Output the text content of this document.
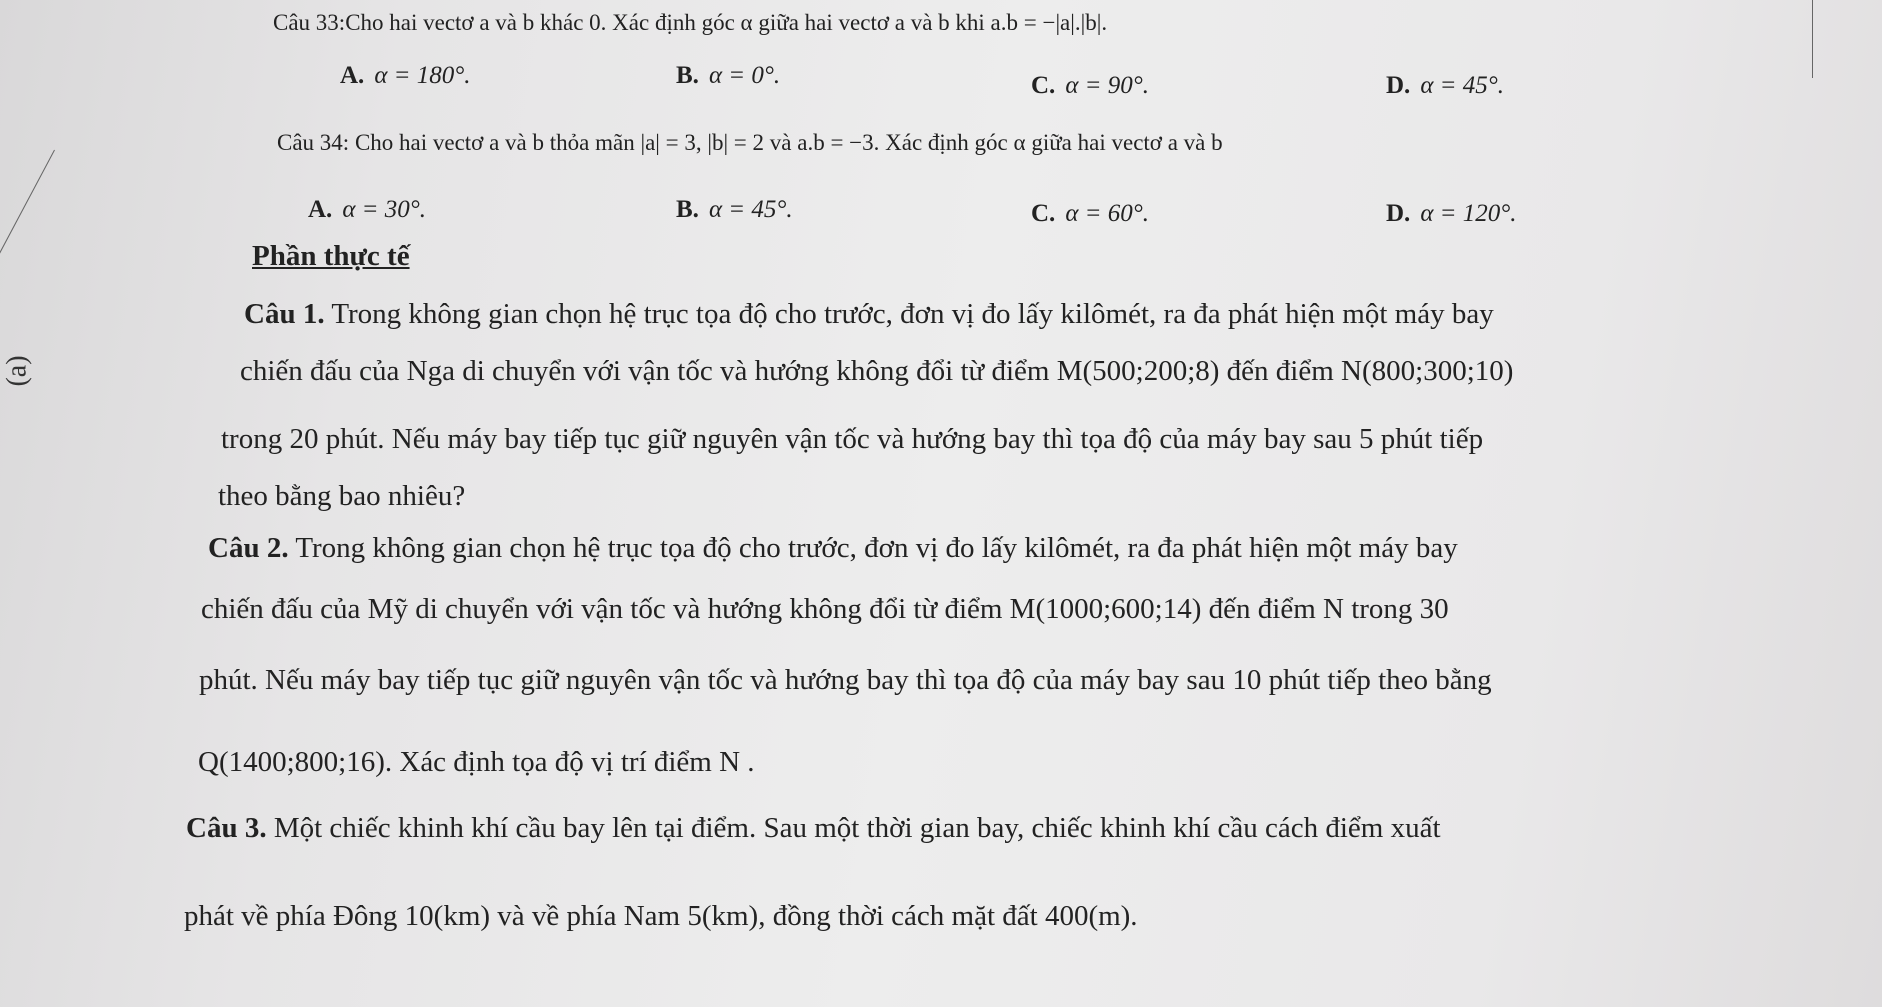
(a)
Câu 33:Cho hai vectơ a và b khác 0. Xác định góc α giữa hai vectơ a và b khi a.b = −|a|.|b|.
A. α = 180°.	B. α = 0°.	C. α = 90°.	D. α = 45°.
Câu 34: Cho hai vectơ a và b thỏa mãn |a| = 3, |b| = 2 và a.b = −3. Xác định góc α giữa hai vectơ a và b
A. α = 30°.	B. α = 45°.	C. α = 60°.	D. α = 120°.
Phần thực tế
Câu 1. Trong không gian chọn hệ trục tọa độ cho trước, đơn vị đo lấy kilômét, ra đa phát hiện một máy bay
chiến đấu của Nga di chuyển với vận tốc và hướng không đổi từ điểm M(500;200;8) đến điểm N(800;300;10)
trong 20 phút. Nếu máy bay tiếp tục giữ nguyên vận tốc và hướng bay thì tọa độ của máy bay sau 5 phút tiếp
theo bằng bao nhiêu?
Câu 2. Trong không gian chọn hệ trục tọa độ cho trước, đơn vị đo lấy kilômét, ra đa phát hiện một máy bay
chiến đấu của Mỹ di chuyển với vận tốc và hướng không đổi từ điểm M(1000;600;14) đến điểm N trong 30
phút. Nếu máy bay tiếp tục giữ nguyên vận tốc và hướng bay thì tọa độ của máy bay sau 10 phút tiếp theo bằng
Q(1400;800;16). Xác định tọa độ vị trí điểm N .
Câu 3. Một chiếc khinh khí cầu bay lên tại điểm. Sau một thời gian bay, chiếc khinh khí cầu cách điểm xuất
phát về phía Đông 10(km) và về phía Nam 5(km), đồng thời cách mặt đất 400(m).
